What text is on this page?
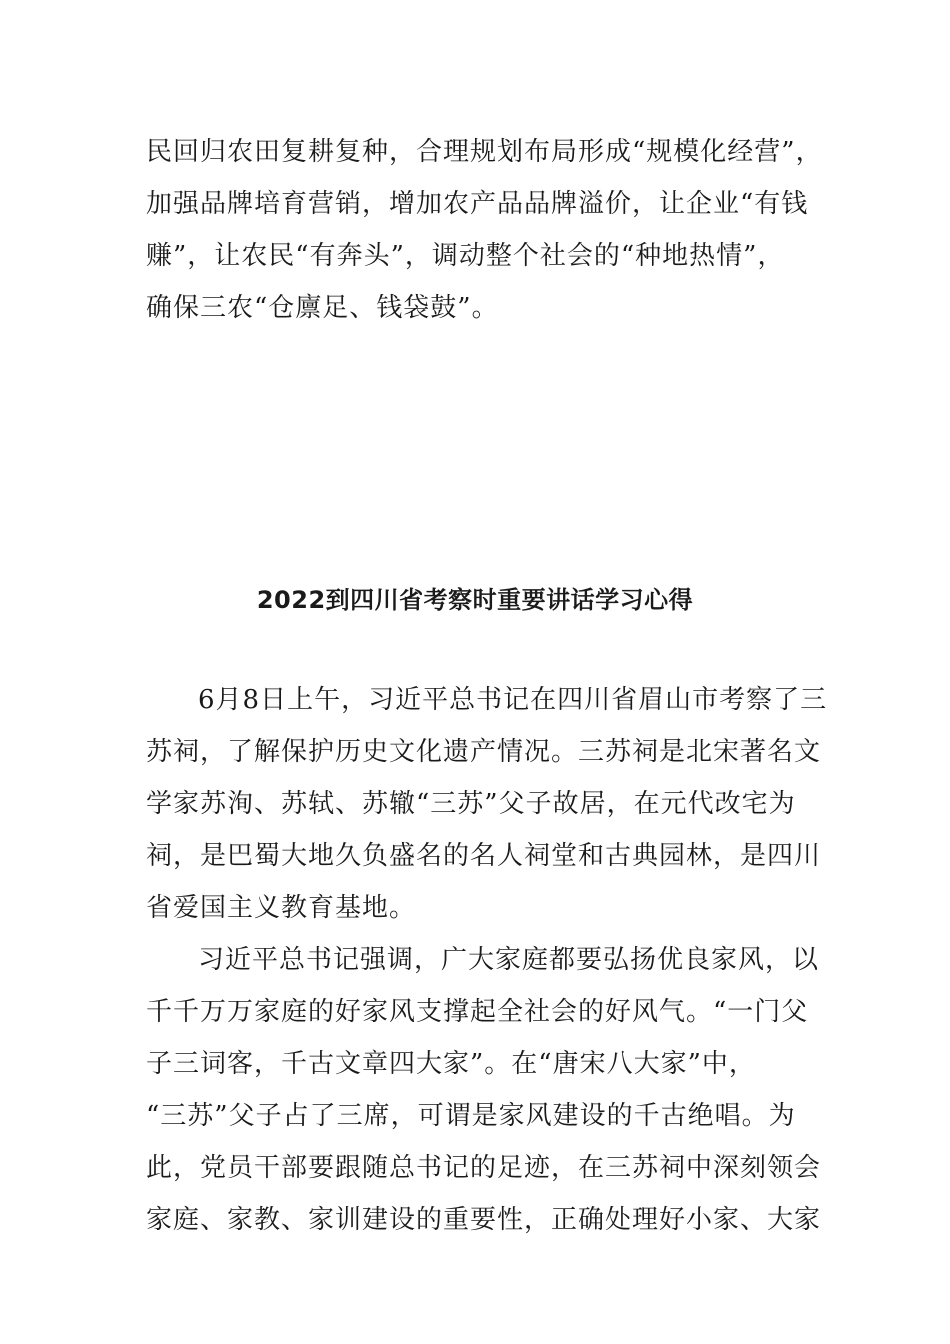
民回归农田复耕复种，合理规划布局形成“规模化经营”，
加强品牌培育营销，增加农产品品牌溢价，让企业“有钱
赚”，让农民“有奔头”，调动整个社会的“种地热情”，
确保三农“仓廪足、钱袋鼓”。
2022到四川省考察时重要讲话学习心得
6月8日上午，习近平总书记在四川省眉山市考察了三
苏祠，了解保护历史文化遗产情况。三苏祠是北宋著名文
学家苏洵、苏轼、苏辙“三苏”父子故居，在元代改宅为
祠，是巴蜀大地久负盛名的名人祠堂和古典园林，是四川
省爱国主义教育基地。
习近平总书记强调，广大家庭都要弘扬优良家风，以
千千万万家庭的好家风支撑起全社会的好风气。“一门父
子三词客，千古文章四大家”。在“唐宋八大家”中，
“三苏”父子占了三席，可谓是家风建设的千古绝唱。为
此，党员干部要跟随总书记的足迹，在三苏祠中深刻领会
家庭、家教、家训建设的重要性，正确处理好小家、大家
